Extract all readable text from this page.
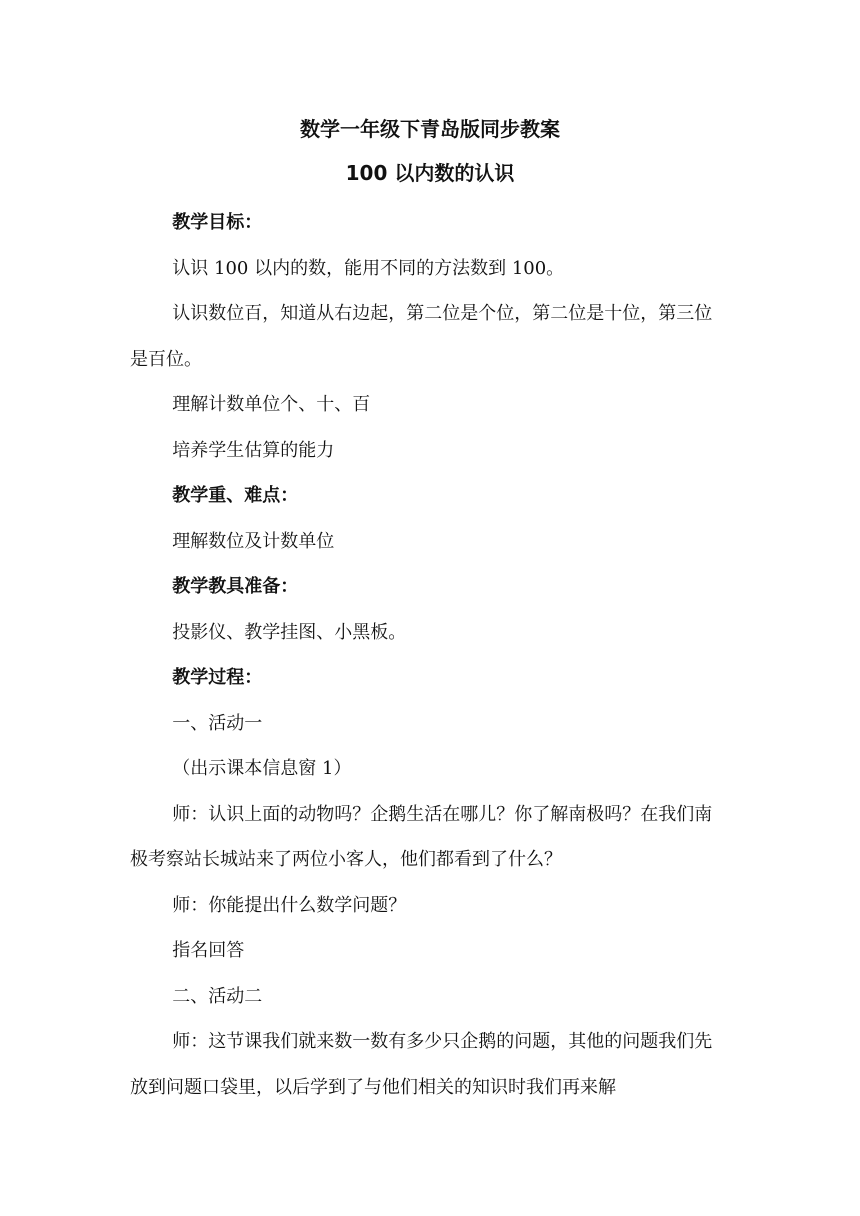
数学一年级下青岛版同步教案
100 以内数的认识

教学目标：

认识 100 以内的数，能用不同的方法数到 100。

认识数位百，知道从右边起，第二位是个位，第二位是十位，第三位是百位。

理解计数单位个、十、百

培养学生估算的能力

教学重、难点：

理解数位及计数单位

教学教具准备：

投影仪、教学挂图、小黑板。

教学过程：

一、活动一

（出示课本信息窗 1）

师：认识上面的动物吗？企鹅生活在哪儿？你了解南极吗？在我们南极考察站长城站来了两位小客人，他们都看到了什么？

师：你能提出什么数学问题？

指名回答

二、活动二

师：这节课我们就来数一数有多少只企鹅的问题，其他的问题我们先放到问题口袋里，以后学到了与他们相关的知识时我们再来解
